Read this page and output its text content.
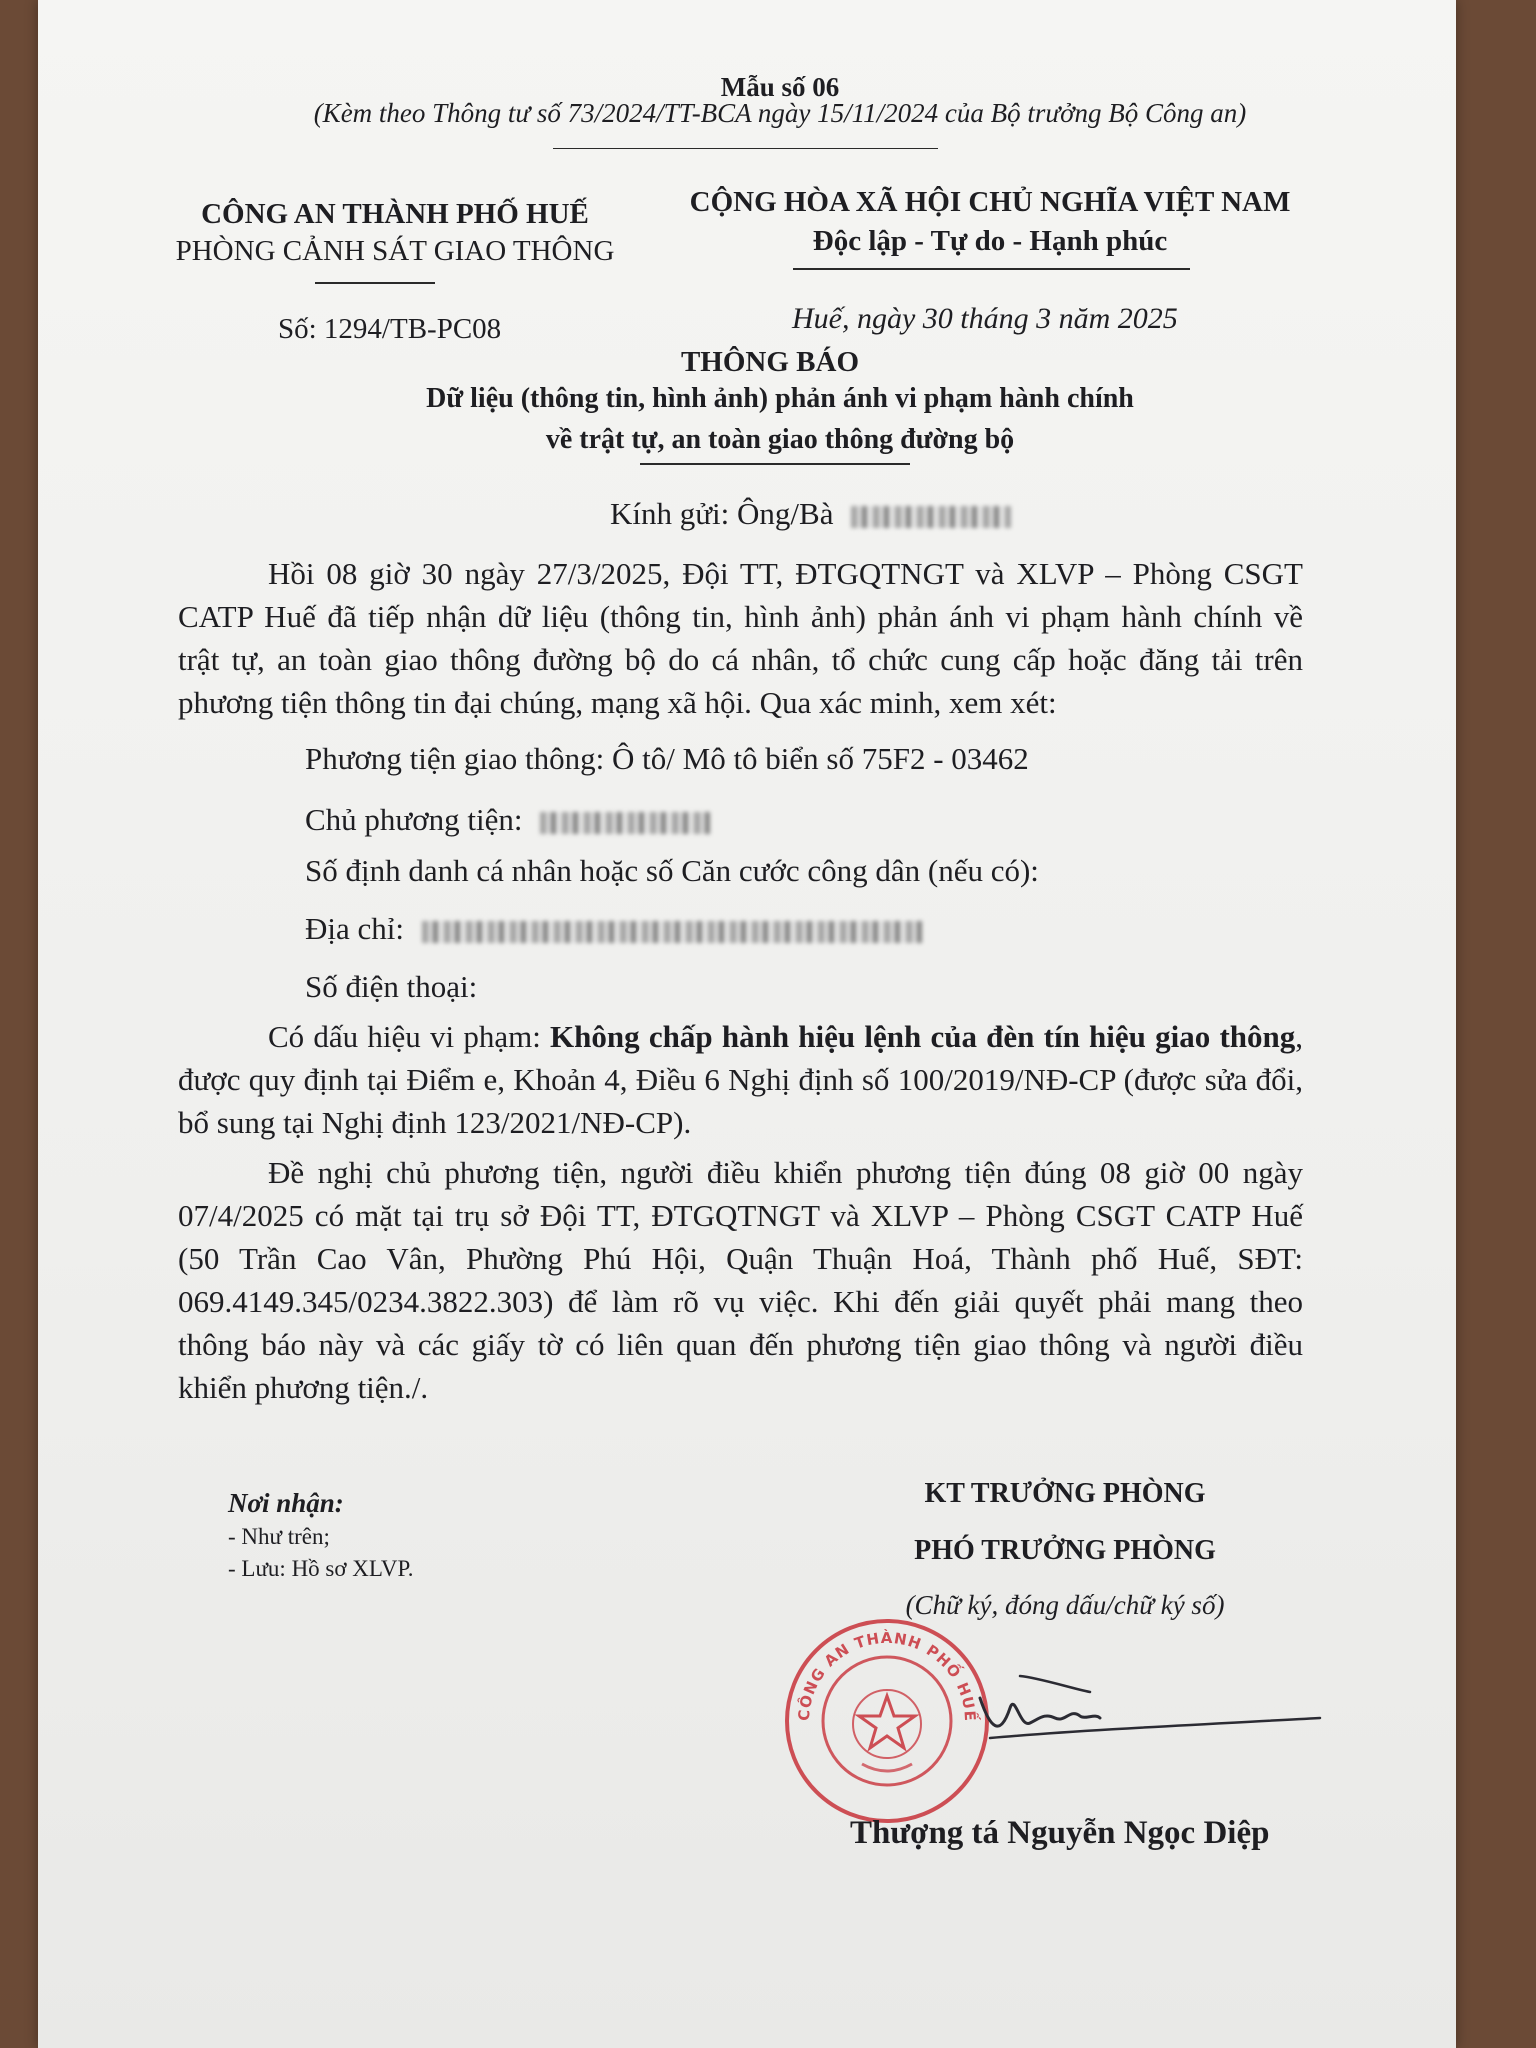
Mẫu số 06
(Kèm theo Thông tư số 73/2024/TT-BCA ngày 15/11/2024 của Bộ trưởng Bộ Công an)
CÔNG AN THÀNH PHỐ HUẾ
PHÒNG CẢNH SÁT GIAO THÔNG
Số: 1294/TB-PC08
CỘNG HÒA XÃ HỘI CHỦ NGHĨA VIỆT NAM
Độc lập - Tự do - Hạnh phúc
Huế, ngày 30 tháng 3 năm 2025
THÔNG BÁO
Dữ liệu (thông tin, hình ảnh) phản ánh vi phạm hành chính
về trật tự, an toàn giao thông đường bộ
Kính gửi: Ông/Bà
Hồi 08 giờ 30 ngày 27/3/2025, Đội TT, ĐTGQTNGT và XLVP – Phòng CSGT
CATP Huế đã tiếp nhận dữ liệu (thông tin, hình ảnh) phản ánh vi phạm hành chính về
trật tự, an toàn giao thông đường bộ do cá nhân, tổ chức cung cấp hoặc đăng tải trên
phương tiện thông tin đại chúng, mạng xã hội. Qua xác minh, xem xét:
Phương tiện giao thông: Ô tô/ Mô tô biển số 75F2 - 03462
Chủ phương tiện:
Số định danh cá nhân hoặc số Căn cước công dân (nếu có):
Địa chỉ:
Số điện thoại:
Có dấu hiệu vi phạm: Không chấp hành hiệu lệnh của đèn tín hiệu giao thông,
được quy định tại Điểm e, Khoản 4, Điều 6 Nghị định số 100/2019/NĐ-CP (được sửa đổi,
bổ sung tại Nghị định 123/2021/NĐ-CP).
Đề nghị chủ phương tiện, người điều khiển phương tiện đúng 08 giờ 00 ngày
07/4/2025 có mặt tại trụ sở Đội TT, ĐTGQTNGT và XLVP – Phòng CSGT CATP Huế
(50 Trần Cao Vân, Phường Phú Hội, Quận Thuận Hoá, Thành phố Huế, SĐT:
069.4149.345/0234.3822.303) để làm rõ vụ việc. Khi đến giải quyết phải mang theo
thông báo này và các giấy tờ có liên quan đến phương tiện giao thông và người điều
khiển phương tiện./.
Nơi nhận:
- Như trên;
- Lưu: Hồ sơ XLVP.
KT TRƯỞNG PHÒNG
PHÓ TRƯỞNG PHÒNG
(Chữ ký, đóng dấu/chữ ký số)
CÔNG AN THÀNH PHỐ HUẾ
Thượng tá Nguyễn Ngọc Diệp
